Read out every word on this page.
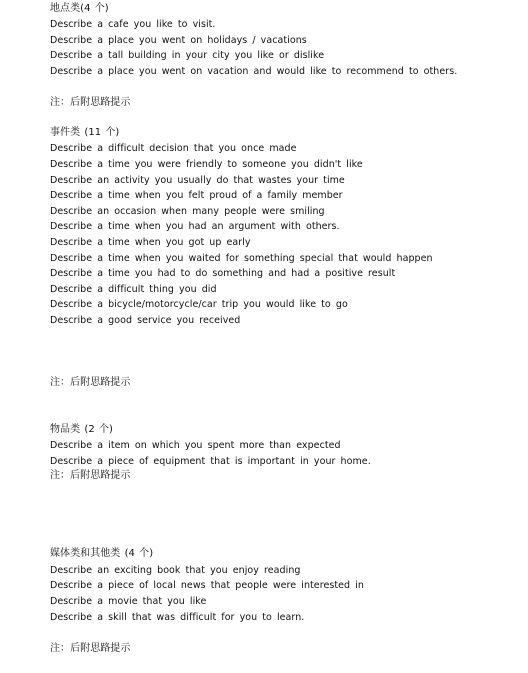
地点类(4 个)
Describe a cafe you like to visit.
Describe a place you went on holidays / vacations
Describe a tall building in your city you like or dislike
Describe a place you went on vacation and would like to recommend to others.
注：后附思路提示
事件类 (11 个)
Describe a difficult decision that you once made
Describe a time you were friendly to someone you didn't like
Describe an activity you usually do that wastes your time
Describe a time when you felt proud of a family member
Describe an occasion when many people were smiling
Describe a time when you had an argument with others.
Describe a time when you got up early
Describe a time when you waited for something special that would happen
Describe a time you had to do something and had a positive result
Describe a difficult thing you did
Describe a bicycle/motorcycle/car trip you would like to go
Describe a good service you received
注：后附思路提示
物品类 (2 个)
Describe a item on which you spent more than expected
Describe a piece of equipment that is important in your home.
注：后附思路提示
媒体类和其他类 (4 个)
Describe an exciting book that you enjoy reading
Describe a piece of local news that people were interested in
Describe a movie that you like
Describe a skill that was difficult for you to learn.
注：后附思路提示
